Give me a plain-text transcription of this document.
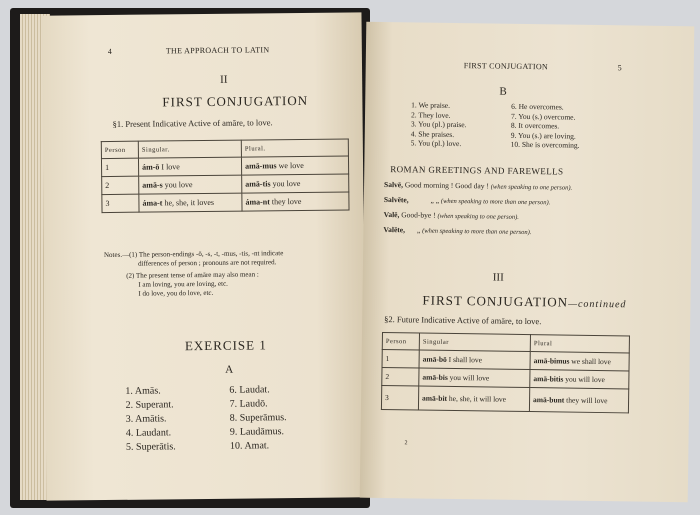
4	THE APPROACH TO LATIN
II
FIRST CONJUGATION
§1. Present Indicative Active of amāre, to love.
Person	Singular.	Plural.
1	ám-ō I love	amā-mus we love
2	amā-s you love	amā-tis you love
3	áma-t he, she, it loves	áma-nt they love
Notes.—(1) The person-endings -ō, -s, -t, -mus, -tis, -nt indicate
differences of person ; pronouns are not required.
(2) The present tense of amāre may also mean :
I am loving, you are loving, etc.
I do love, you do love, etc.
EXERCISE 1
A
1. Amās.
2. Superant.
3. Amātis.
4. Laudant.
5. Superātis.
6. Laudat.
7. Laudō.
8. Superāmus.
9. Laudāmus.
10. Amat.
FIRST CONJUGATION	5
B
1. We praise.
2. They love.
3. You (pl.) praise.
4. She praises.
5. You (pl.) love.
6. He overcomes.
7. You (s.) overcome.
8. It overcomes.
9. You (s.) are loving.
10. She is overcoming.
ROMAN GREETINGS AND FAREWELLS
Salvē, Good morning ! Good day ! (when speaking to one person).
Salvēte,	„ „ (when speaking to more than one person).
Valē, Good-bye ! (when speaking to one person).
Valēte, „ (when speaking to more than one person).
III
FIRST CONJUGATION—continued
§2. Future Indicative Active of amāre, to love.
Person	Singular	Plural
1	amā-bō I shall love	amā-bimus we shall love
2	amā-bis you will love	amā-bitis you will love
3	amā-bit he, she, it will love	amā-bunt they will love
2
